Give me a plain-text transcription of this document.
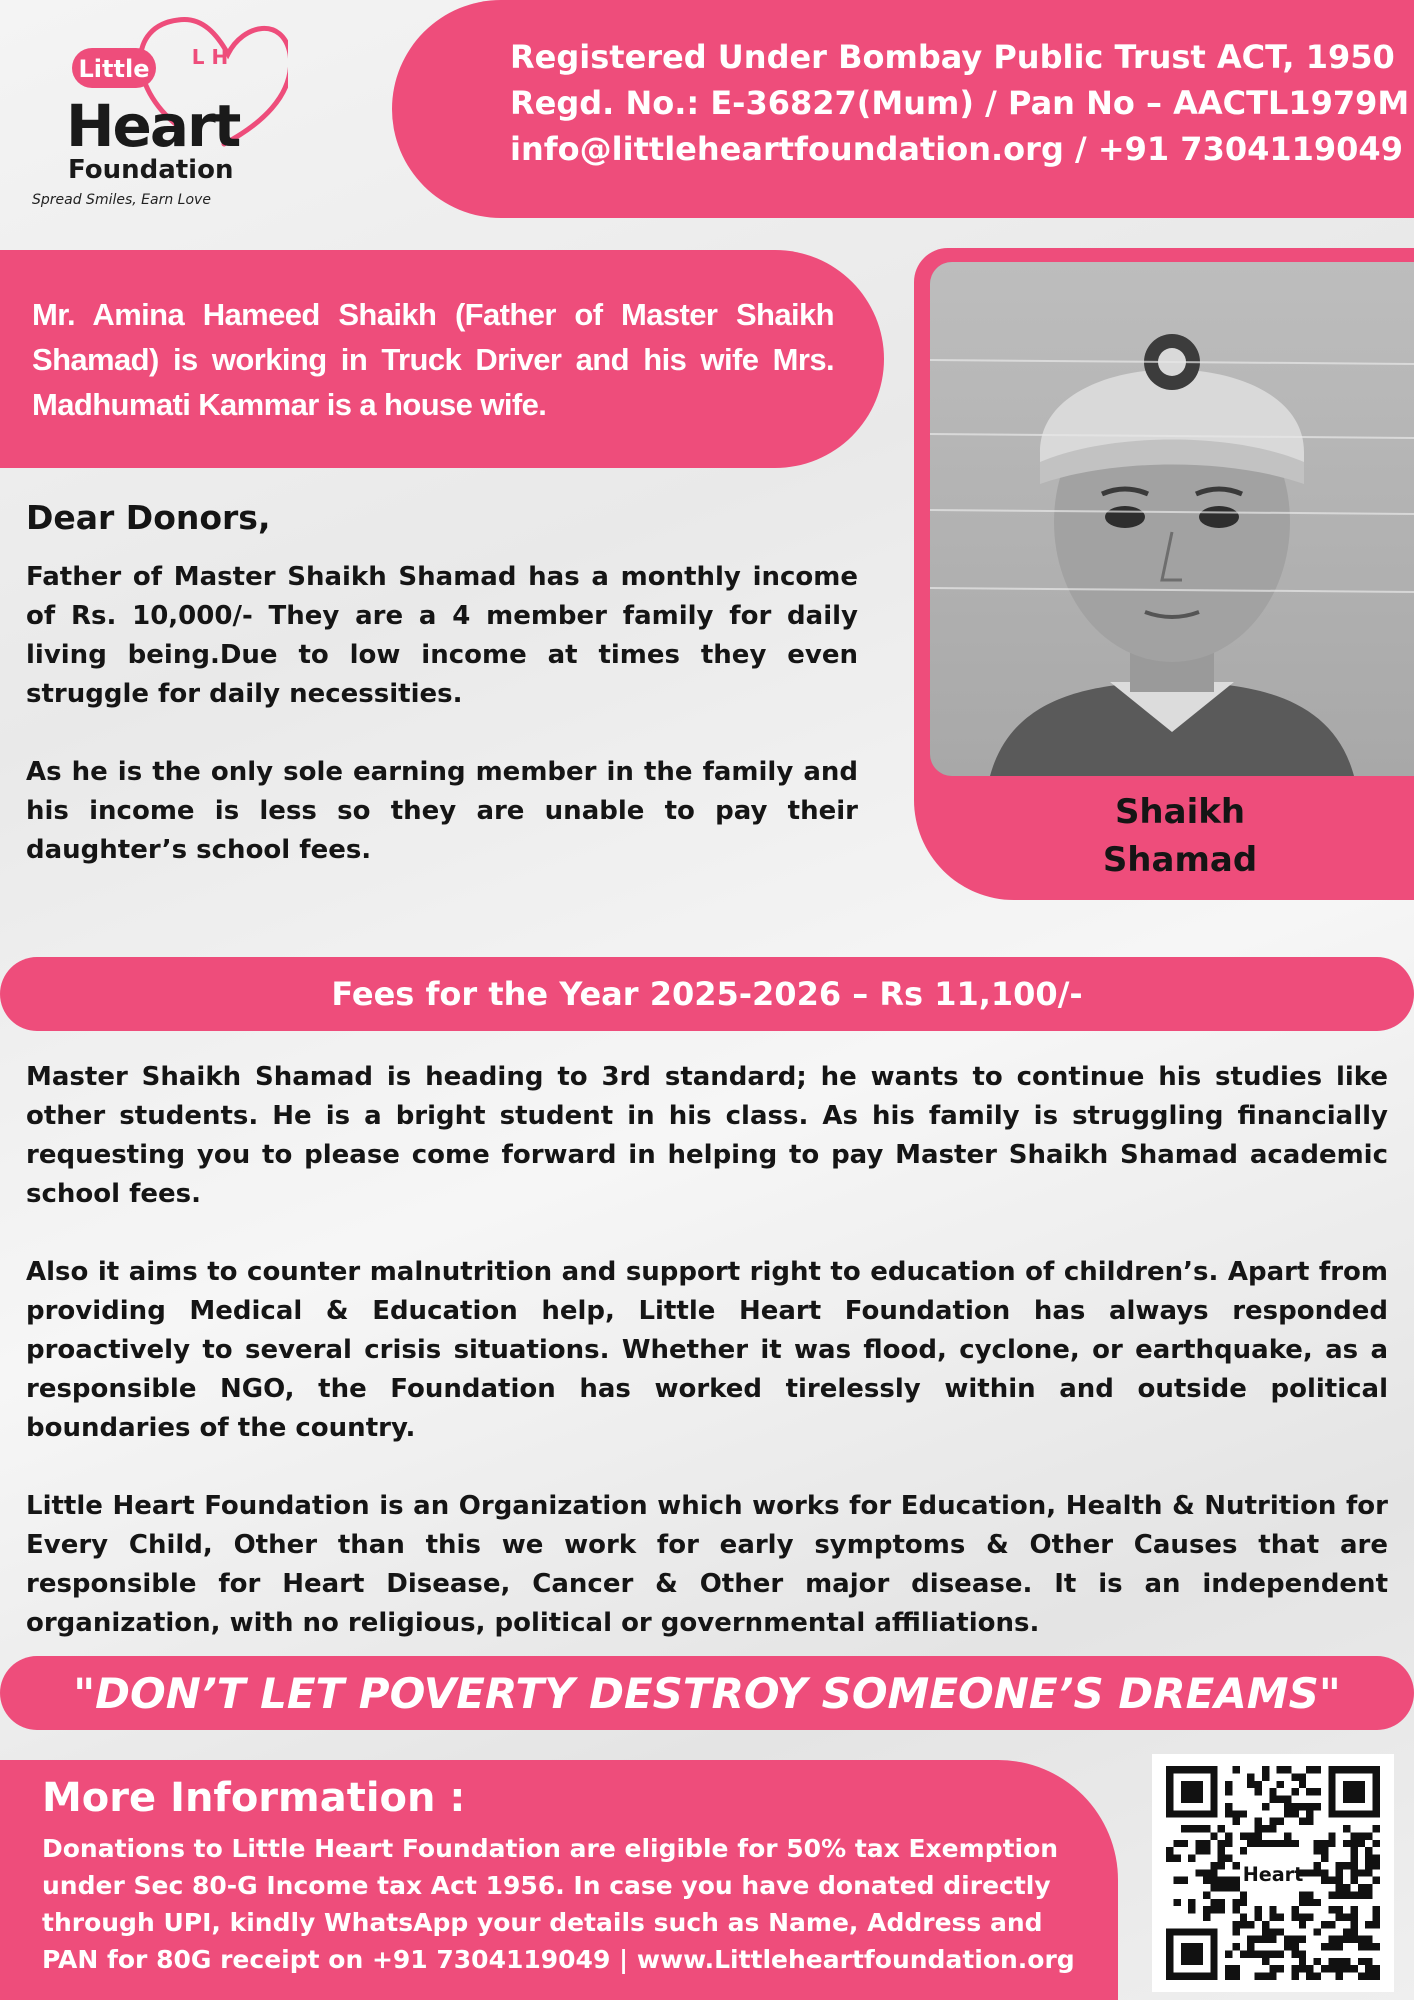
Little L H
Heart
Foundation
Spread Smiles, Earn Love

Registered Under Bombay Public Trust ACT, 1950

Regd. No.: E-36827(Mum) / Pan No – AACTL1979M

info@littleheartfoundation.org / +91 7304119049

Mr. Amina Hameed Shaikh (Father of Master Shaikh Shamad) is working in Truck Driver and his wife Mrs. Madhumati Kammar is a house wife.

Shaikh
Shamad
Dear Donors,

Father of Master Shaikh Shamad has a monthly income of Rs. 10,000/- They are a 4 member family for daily living being.Due to low income at times they even struggle for daily necessities.

As he is the only sole earning member in the family and his income is less so they are unable to pay their daughter’s school fees.

Fees for the Year 2025-2026 – Rs 11,100/-

Master Shaikh Shamad is heading to 3rd standard; he wants to continue his studies like other students. He is a bright student in his class. As his family is struggling financially requesting you to please come forward in helping to pay Master Shaikh Shamad academic school fees.

Also it aims to counter malnutrition and support right to education of children’s. Apart from providing Medical & Education help, Little Heart Foundation has always responded proactively to several crisis situations. Whether it was flood, cyclone, or earthquake, as a responsible NGO, the Foundation has worked tirelessly within and outside political boundaries of the country.

Little Heart Foundation is an Organization which works for Education, Health & Nutrition for Every Child, Other than this we work for early symptoms & Other Causes that are responsible for Heart Disease, Cancer & Other major disease. It is an independent organization, with no religious, political or governmental affiliations.

"DON’T LET POVERTY DESTROY SOMEONE’S DREAMS"
More Information :
Donations to Little Heart Foundation are eligible for 50% tax Exemption under Sec 80-G Income tax Act 1956. In case you have donated directly through UPI, kindly WhatsApp your details such as Name, Address and PAN for 80G receipt on +91 7304119049 | www.Littleheartfoundation.org
Heart
